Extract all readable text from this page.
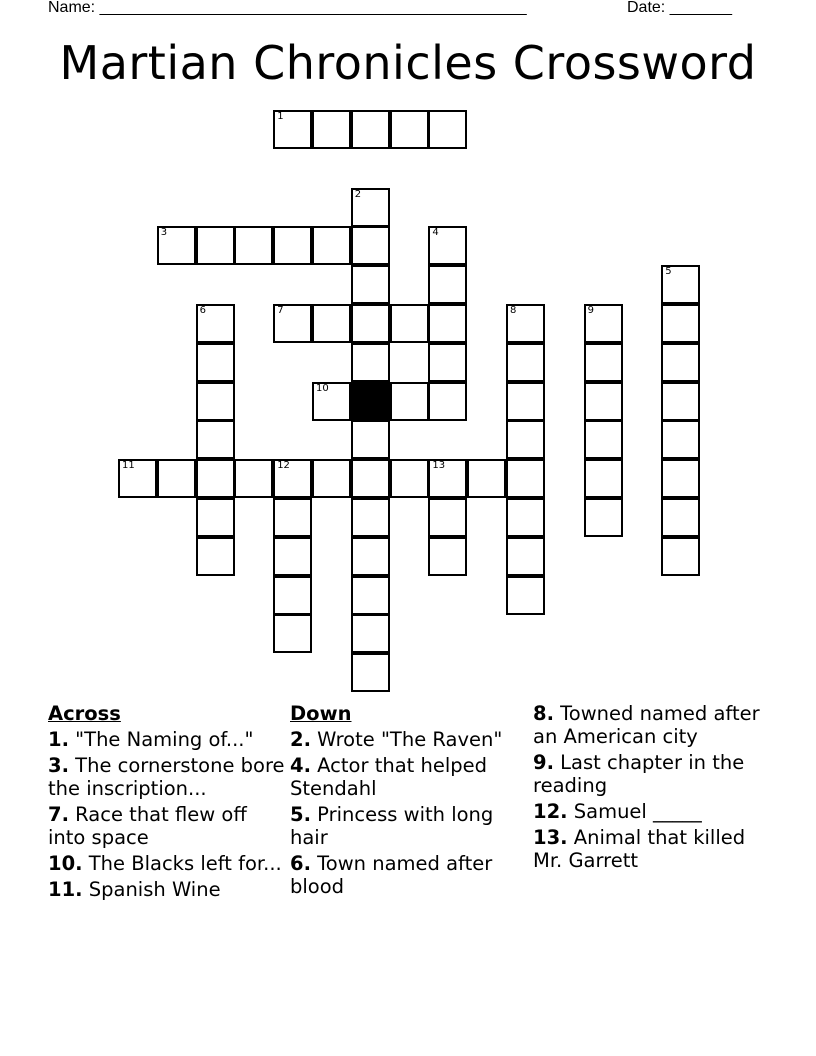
Name: ________________________________________________	Date: _______
Martian Chronicles Crossword
1
2
3	4
5
6	7	8	9
10
11	12	13
Across
1. "The Naming of..."
3. The cornerstone bore the inscription...
7. Race that flew off into space
10. The Blacks left for...
11. Spanish Wine
Down
2. Wrote "The Raven"
4. Actor that helped Stendahl
5. Princess with long hair
6. Town named after blood
8. Towned named after an American city
9. Last chapter in the reading
12. Samuel _____
13. Animal that killed Mr. Garrett
